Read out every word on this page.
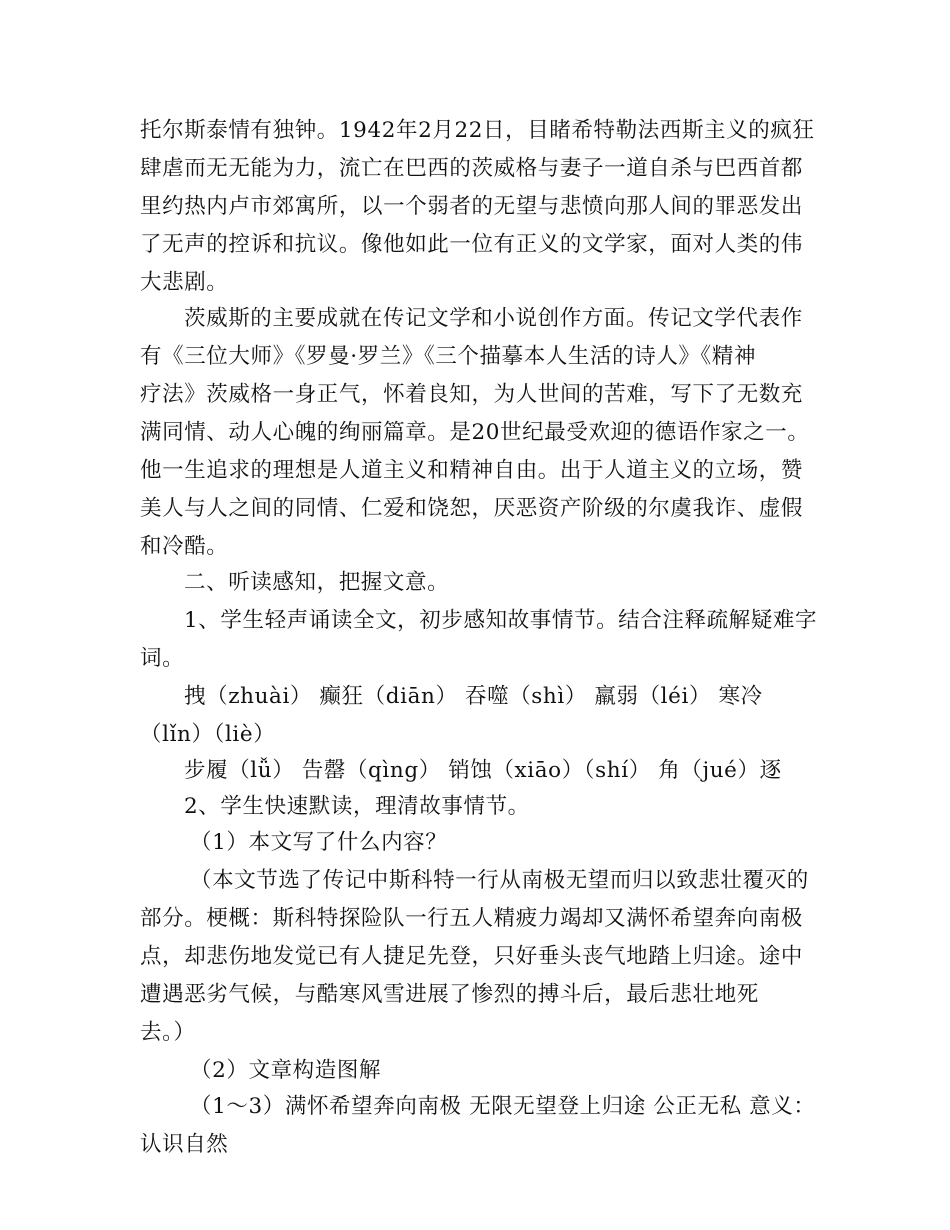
托尔斯泰情有独钟。1942年2月22日，目睹希特勒法西斯主义的疯狂
肆虐而无无能为力，流亡在巴西的茨威格与妻子一道自杀与巴西首都
里约热内卢市郊寓所，以一个弱者的无望与悲愤向那人间的罪恶发出
了无声的控诉和抗议。像他如此一位有正义的文学家，面对人类的伟
大悲剧。
茨威斯的主要成就在传记文学和小说创作方面。传记文学代表作
有《三位大师》《罗曼·罗兰》《三个描摹本人生活的诗人》《精神
疗法》茨威格一身正气，怀着良知，为人世间的苦难，写下了无数充
满同情、动人心魄的绚丽篇章。是20世纪最受欢迎的德语作家之一。
他一生追求的理想是人道主义和精神自由。出于人道主义的立场，赞
美人与人之间的同情、仁爱和饶恕，厌恶资产阶级的尔虞我诈、虚假
和冷酷。
二、听读感知，把握文意。
1、学生轻声诵读全文，初步感知故事情节。结合注释疏解疑难字
词。
拽（zhuài） 癫狂（diān） 吞噬（shì） 羸弱（léi） 寒冷
（lǐn）（liè）
步履（lǚ） 告罄（qìng） 销蚀（xiāo）（shí） 角（jué）逐
2、学生快速默读，理清故事情节。
（1）本文写了什么内容？
（本文节选了传记中斯科特一行从南极无望而归以致悲壮覆灭的
部分。梗概：斯科特探险队一行五人精疲力竭却又满怀希望奔向南极
点，却悲伤地发觉已有人捷足先登，只好垂头丧气地踏上归途。途中
遭遇恶劣气候，与酷寒风雪进展了惨烈的搏斗后，最后悲壮地死
去。）
（2）文章构造图解
（1～3）满怀希望奔向南极 无限无望登上归途 公正无私 意义：
认识自然
